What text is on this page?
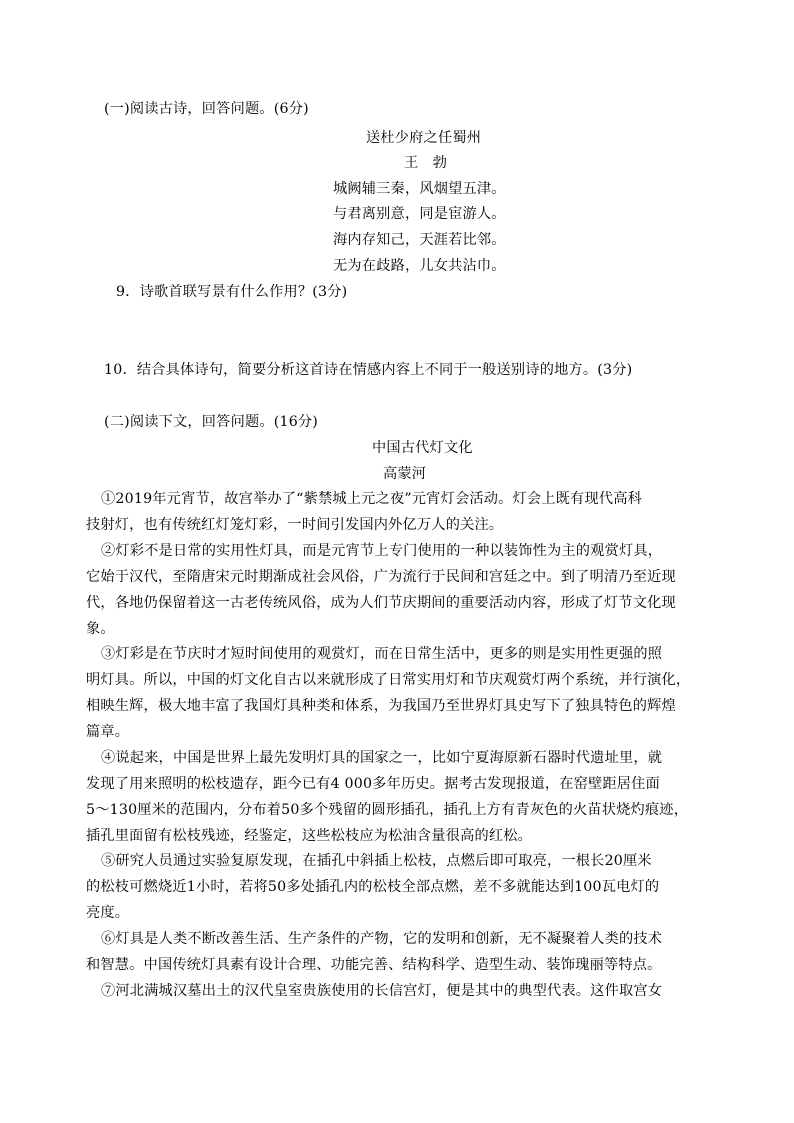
(一)阅读古诗，回答问题。(6分)
送杜少府之任蜀州
王　勃
城阙辅三秦，风烟望五津。
与君离别意，同是宦游人。
海内存知己，天涯若比邻。
无为在歧路，儿女共沾巾。
9．诗歌首联写景有什么作用？(3分)
10．结合具体诗句，简要分析这首诗在情感内容上不同于一般送别诗的地方。(3分)
(二)阅读下文，回答问题。(16分)
中国古代灯文化
高蒙河
①2019年元宵节，故宫举办了“紫禁城上元之夜”元宵灯会活动。灯会上既有现代高科
技射灯，也有传统红灯笼灯彩，一时间引发国内外亿万人的关注。
②灯彩不是日常的实用性灯具，而是元宵节上专门使用的一种以装饰性为主的观赏灯具，
它始于汉代，至隋唐宋元时期渐成社会风俗，广为流行于民间和宫廷之中。到了明清乃至近现
代，各地仍保留着这一古老传统风俗，成为人们节庆期间的重要活动内容，形成了灯节文化现
象。
③灯彩是在节庆时才短时间使用的观赏灯，而在日常生活中，更多的则是实用性更强的照
明灯具。所以，中国的灯文化自古以来就形成了日常实用灯和节庆观赏灯两个系统，并行演化，
相映生辉，极大地丰富了我国灯具种类和体系，为我国乃至世界灯具史写下了独具特色的辉煌
篇章。
④说起来，中国是世界上最先发明灯具的国家之一，比如宁夏海原新石器时代遗址里，就
发现了用来照明的松枝遗存，距今已有4 000多年历史。据考古发现报道，在窑壁距居住面
5～130厘米的范围内，分布着50多个残留的圆形插孔，插孔上方有青灰色的火苗状烧灼痕迹，
插孔里面留有松枝残迹，经鉴定，这些松枝应为松油含量很高的红松。
⑤研究人员通过实验复原发现，在插孔中斜插上松枝，点燃后即可取亮，一根长20厘米
的松枝可燃烧近1小时，若将50多处插孔内的松枝全部点燃，差不多就能达到100瓦电灯的
亮度。
⑥灯具是人类不断改善生活、生产条件的产物，它的发明和创新，无不凝聚着人类的技术
和智慧。中国传统灯具素有设计合理、功能完善、结构科学、造型生动、装饰瑰丽等特点。
⑦河北满城汉墓出土的汉代皇室贵族使用的长信宫灯，便是其中的典型代表。这件取宫女
